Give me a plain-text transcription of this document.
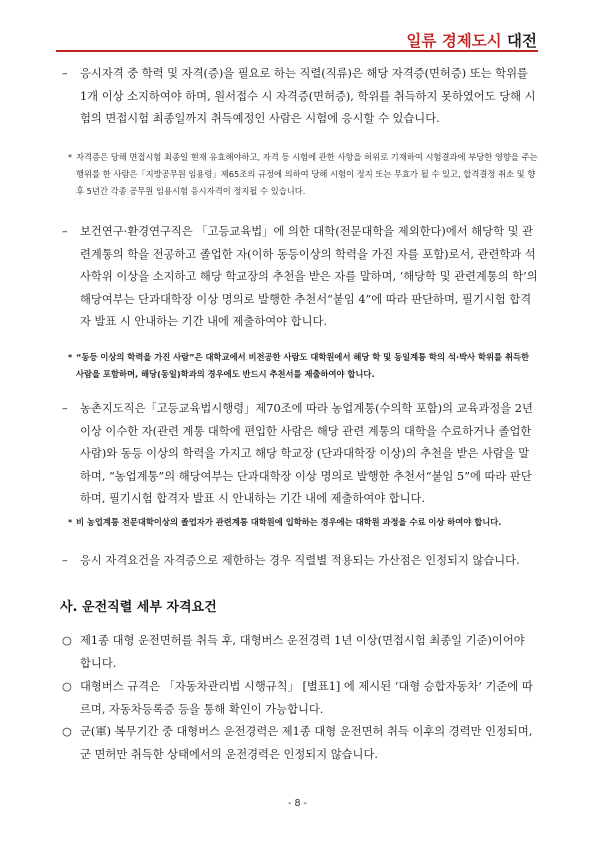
일류 경제도시 대전
– 응시자격 중 학력 및 자격(증)을 필요로 하는 직렬(직류)은 해당 자격증(면허증) 또는 학위를 1개 이상 소지하여야 하며, 원서접수 시 자격증(면허증), 학위를 취득하지 못하였어도 당해 시험의 면접시험 최종일까지 취득예정인 사람은 시험에 응시할 수 있습니다.
* 자격증은 당해 면접시험 최종일 현재 유효해야하고, 자격 등 시험에 관한 사항을 허위로 기재하여 시험결과에 부당한 영향을 주는 행위를 한 사람은「지방공무원 임용령」제65조의 규정에 의하여 당해 시험이 정지 또는 무효가 될 수 있고, 합격결정 취소 및 향후 5년간 각종 공무원 임용시험 응시자격이 정지될 수 있습니다.
– 보건연구·환경연구직은 「고등교육법」에 의한 대학(전문대학을 제외한다)에서 해당학 및 관련계통의 학을 전공하고 졸업한 자(이하 동등이상의 학력을 가진 자를 포함)로서, 관련학과 석사학위 이상을 소지하고 해당 학교장의 추천을 받은 자를 말하며, ‘해당학 및 관련계통의 학’의 해당여부는 단과대학장 이상 명의로 발행한 추천서“붙임 4”에 따라 판단하며, 필기시험 합격자 발표 시 안내하는 기간 내에 제출하여야 합니다.
* “동등 이상의 학력을 가진 사람”은 대학교에서 비전공한 사람도 대학원에서 해당 학 및 동일계통 학의 석·박사 학위를 취득한 사람을 포함하며, 해당(동일)학과의 경우에도 반드시 추천서를 제출하여야 합니다.
– 농촌지도직은「고등교육법시행령」제70조에 따라 농업계통(수의학 포함)의 교육과정을 2년 이상 이수한 자(관련 계통 대학에 편입한 사람은 해당 관련 계통의 대학을 수료하거나 졸업한 사람)와 동등 이상의 학력을 가지고 해당 학교장 (단과대학장 이상)의 추천을 받은 사람을 말하며, “농업계통”의 해당여부는 단과대학장 이상 명의로 발행한 추천서“붙임 5”에 따라 판단하며, 필기시험 합격자 발표 시 안내하는 기간 내에 제출하여야 합니다.
* 비 농업계통 전문대학이상의 졸업자가 관련계통 대학원에 입학하는 경우에는 대학원 과정을 수료 이상 하여야 합니다.
– 응시 자격요건을 자격증으로 제한하는 경우 직렬별 적용되는 가산점은 인정되지 않습니다.
사. 운전직렬 세부 자격요건
○ 제1종 대형 운전면허를 취득 후, 대형버스 운전경력 1년 이상(면접시험 최종일 기준)이어야 합니다.
○ 대형버스 규격은 「자동차관리법 시행규칙」 [별표1] 에 제시된 ‘대형 승합자동차’ 기준에 따르며, 자동차등록증 등을 통해 확인이 가능합니다.
○ 군(軍) 복무기간 중 대형버스 운전경력은 제1종 대형 운전면허 취득 이후의 경력만 인정되며, 군 면허만 취득한 상태에서의 운전경력은 인정되지 않습니다.
- 8 -
